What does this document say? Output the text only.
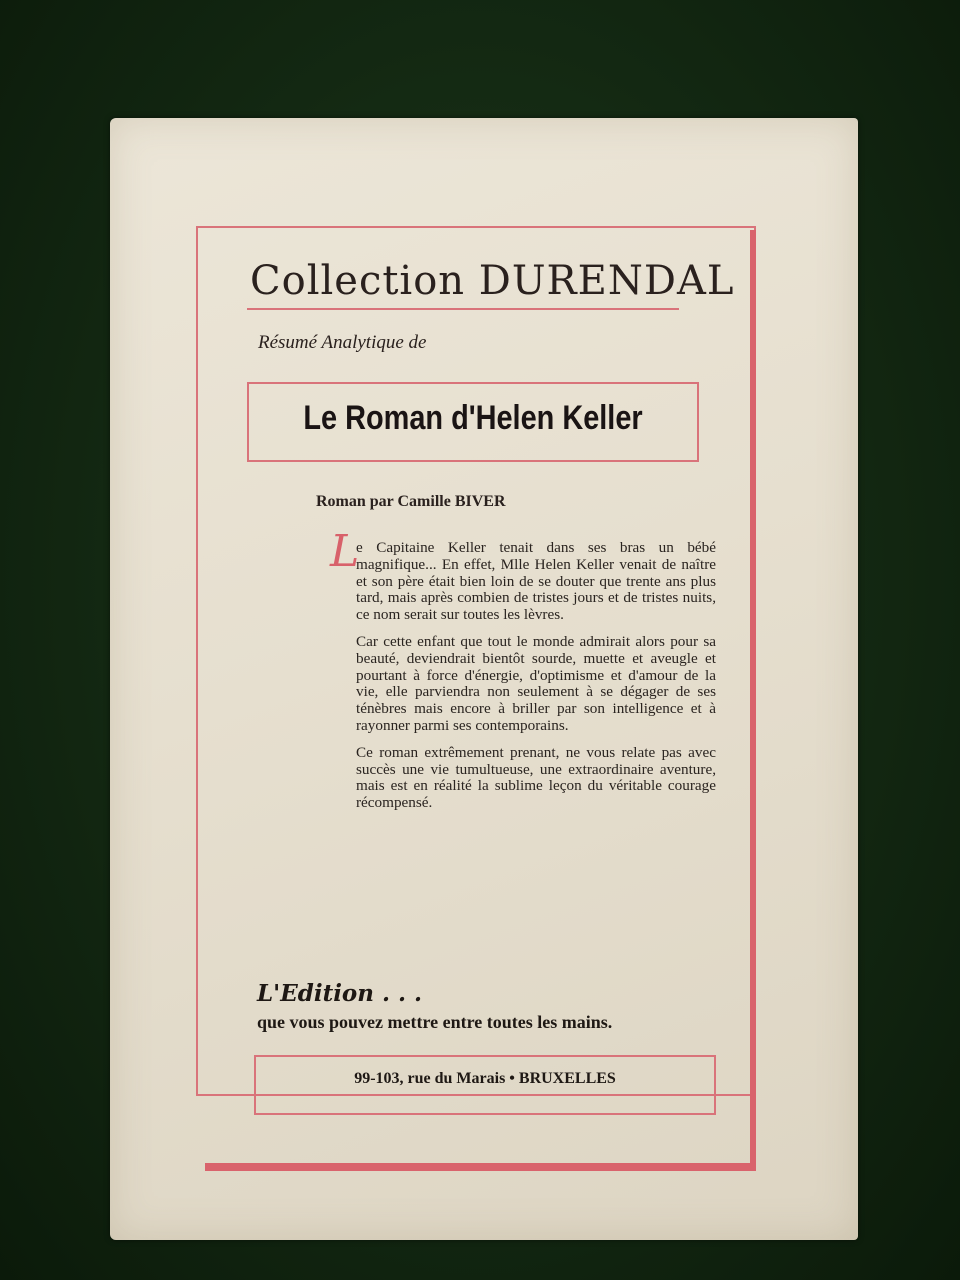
Collection DURENDAL
Résumé Analytique de
Le Roman d'Helen Keller
Roman par Camille BIVER
L

e Capitaine Keller tenait dans ses bras un bébé magnifique... En effet, Mlle Helen Keller venait de naître et son père était bien loin de se douter que trente ans plus tard, mais après combien de tristes jours et de tristes nuits, ce nom serait sur toutes les lèvres.

Car cette enfant que tout le monde admirait alors pour sa beauté, deviendrait bientôt sourde, muette et aveugle et pourtant à force d'énergie, d'optimisme et d'amour de la vie, elle parviendra non seulement à se dégager de ses ténèbres mais encore à briller par son intelligence et à rayonner parmi ses contemporains.

Ce roman extrêmement prenant, ne vous relate pas avec succès une vie tumultueuse, une extraordinaire aventure, mais est en réalité la sublime leçon du véritable courage récompensé.

L'Edition . . .
que vous pouvez mettre entre toutes les mains.
99-103, rue du Marais • BRUXELLES
